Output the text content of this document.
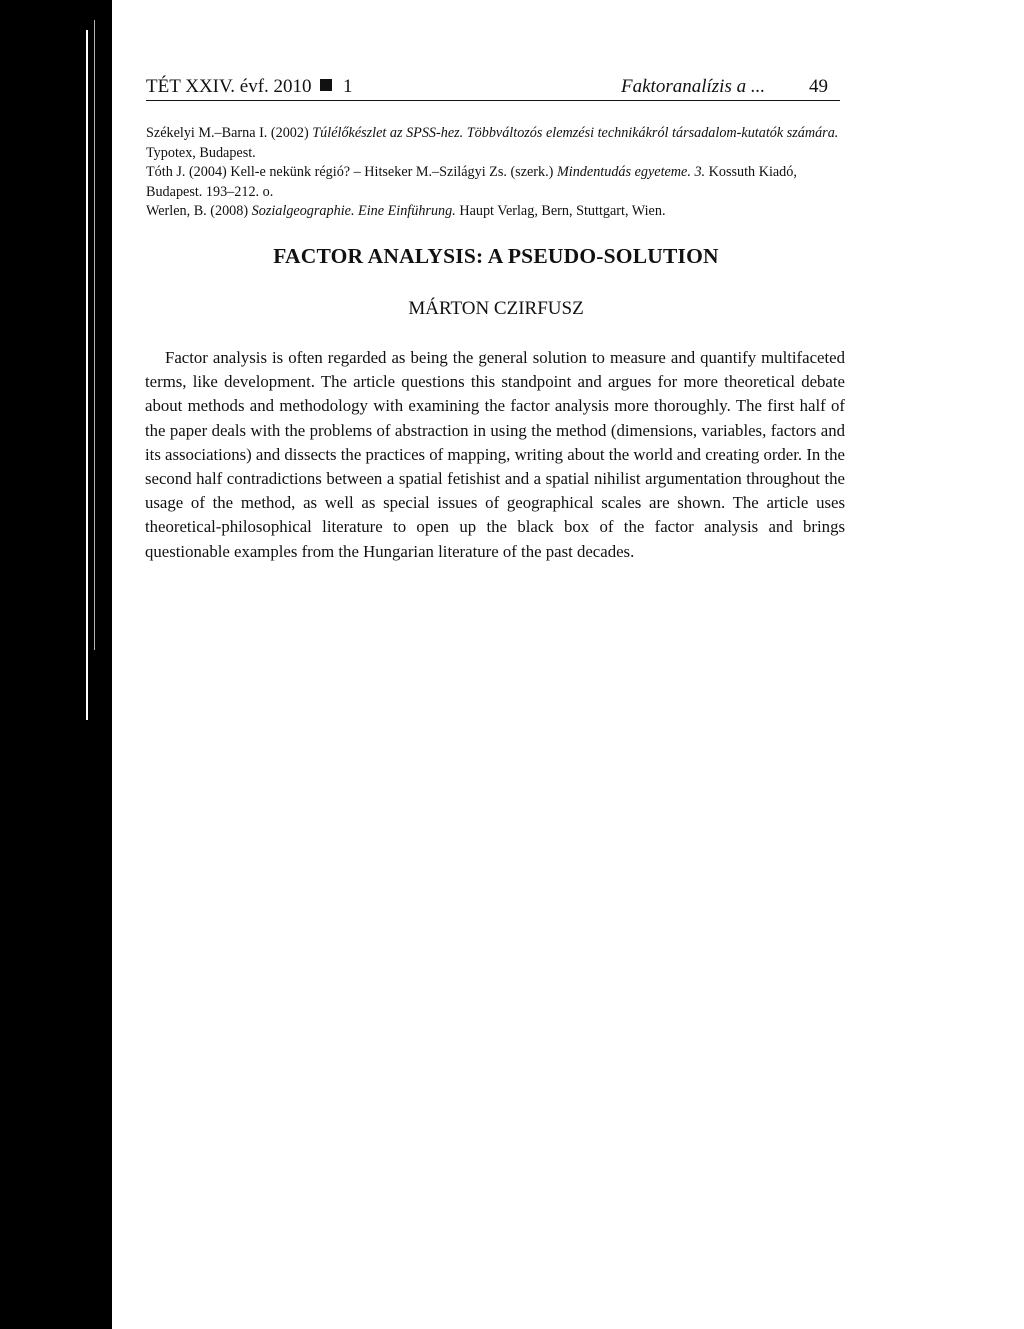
TÉT XXIV. évf. 2010 1	Faktoranalízis a ... 49

Székelyi M.–Barna I. (2002) Túlélőkészlet az SPSS-hez. Többváltozós elemzési technikákról társadalom-kutatók számára. Typotex, Budapest.

Tóth J. (2004) Kell-e nekünk régió? – Hitseker M.–Szilágyi Zs. (szerk.) Mindentudás egyeteme. 3. Kossuth Kiadó, Budapest. 193–212. o.

Werlen, B. (2008) Sozialgeographie. Eine Einführung. Haupt Verlag, Bern, Stuttgart, Wien.

FACTOR ANALYSIS: A PSEUDO-SOLUTION
MÁRTON CZIRFUSZ

Factor analysis is often regarded as being the general solution to measure and quantify multifaceted terms, like development. The article questions this standpoint and argues for more theoretical debate about methods and methodology with examining the factor analysis more thoroughly. The first half of the paper deals with the problems of abstraction in using the method (dimensions, variables, factors and its associations) and dissects the practices of mapping, writing about the world and creating order. In the second half contradictions between a spatial fetishist and a spatial nihilist argumentation throughout the usage of the method, as well as special issues of geographical scales are shown. The article uses theoretical-philosophical literature to open up the black box of the factor analysis and brings questionable examples from the Hungarian literature of the past decades.
